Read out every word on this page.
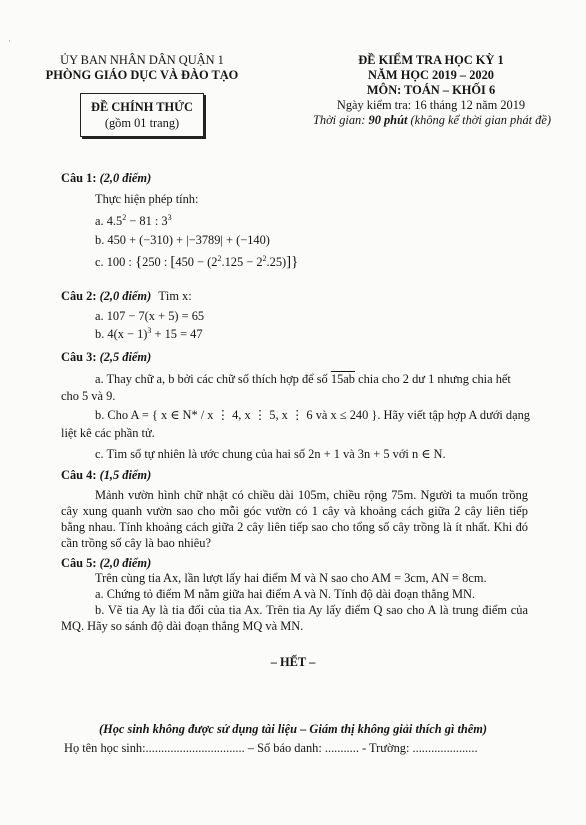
·
ỦY BAN NHÂN DÂN QUẬN 1
PHÒNG GIÁO DỤC VÀ ĐÀO TẠO
ĐỀ CHÍNH THỨC
(gồm 01 trang)
ĐỀ KIỂM TRA HỌC KỲ 1
NĂM HỌC 2019 – 2020
MÔN: TOÁN – KHỐI 6
Ngày kiểm tra: 16 tháng 12 năm 2019
Thời gian: 90 phút (không kể thời gian phát đề)
Câu 1: (2,0 điểm)
Thực hiện phép tính:
a. $4.5^2 - 81$ : $3^3$
b. 450 + (−310) + |−3789| + (−140)
c. 100 : {250 : $[450 - (2^2.125 - 2^2.25)]$}
Câu 2: (2,0 điểm) Tìm x:
a. 107 − 7(x + 5) = 65
b. $4(x - 1)^3 + 15 = 47$
Câu 3: (2,5 điểm)
a. Thay chữ a, b bởi các chữ số thích hợp để số 15ab chia cho 2 dư 1 nhưng chia hết
cho 5 và 9.
b. Cho A = { x ∈ N* / x ⋮ 4, x ⋮ 5, x ⋮ 6 và x ≤ 240 }. Hãy viết tập hợp A dưới dạng
liệt kê các phần tử.
c. Tìm số tự nhiên là ước chung của hai số 2n + 1 và 3n + 5 với n ∈ N.
Câu 4: (1,5 điểm)
Mảnh vườn hình chữ nhật có chiều dài 105m, chiều rộng 75m. Người ta muốn trồng cây xung quanh vườn sao cho mỗi góc vườn có 1 cây và khoảng cách giữa 2 cây liên tiếp bằng nhau. Tính khoảng cách giữa 2 cây liên tiếp sao cho tổng số cây trồng là ít nhất. Khi đó cần trồng số cây là bao nhiêu?
Câu 5: (2,0 điểm)
Trên cùng tia Ax, lần lượt lấy hai điểm M và N sao cho AM = 3cm, AN = 8cm.
a. Chứng tỏ điểm M nằm giữa hai điểm A và N. Tính độ dài đoạn thẳng MN.
b. Vẽ tia Ay là tia đối của tia Ax. Trên tia Ay lấy điểm Q sao cho A là trung điểm của MQ. Hãy so sánh độ dài đoạn thẳng MQ và MN.
– HẾT –
(Học sinh không được sử dụng tài liệu – Giám thị không giải thích gì thêm)
Họ tên học sinh:................................ – Số báo danh: ........... - Trường: .....................
